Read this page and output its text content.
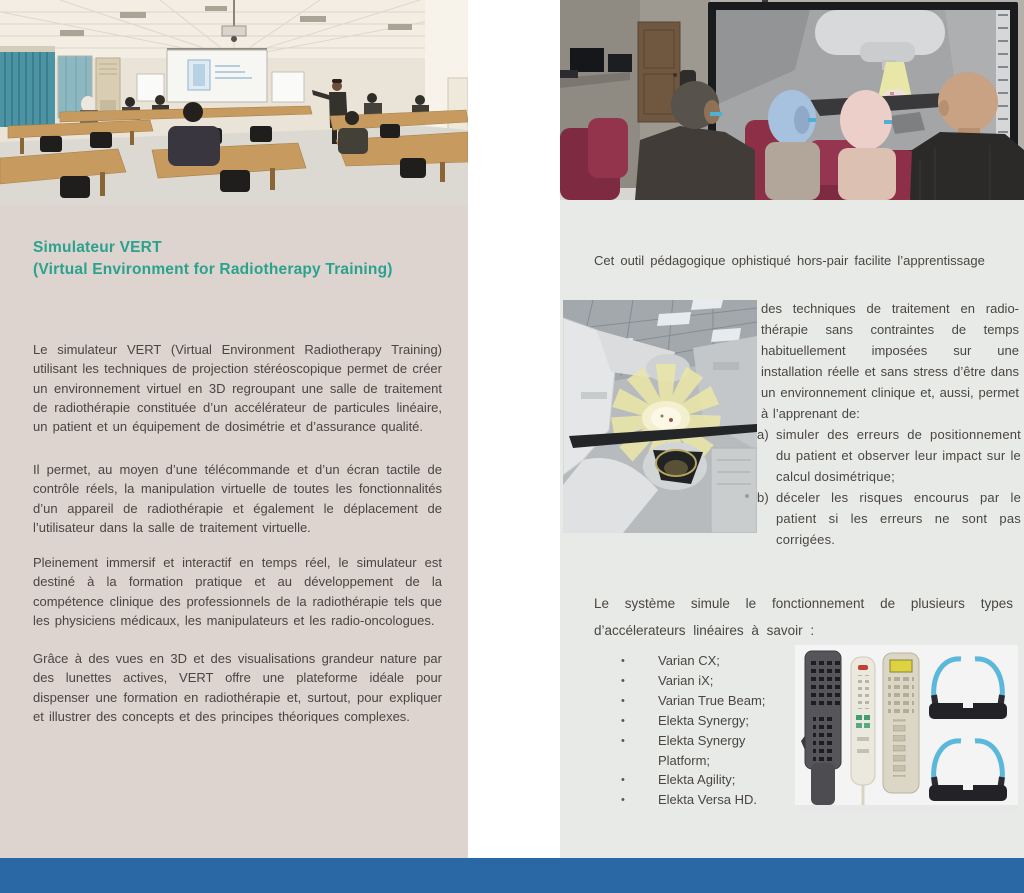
Simulateur VERT
(Virtual Environment for Radiotherapy Training)

Le simulateur VERT (Virtual Environment Radiotherapy Training) utilisant les techniques de projection stéréoscopique permet de créer un environnement virtuel en 3D regroupant une salle de traitement de radiothérapie constituée d’un accélérateur de particules linéaire, un patient et un équipement de dosimétrie et d’assurance qualité.

Il permet, au moyen d’une télécommande et d’un écran tactile de contrôle réels, la manipulation virtuelle de toutes les fonctionnalités d’un appareil de radiothérapie et également le déplacement de l’utilisateur dans la salle de traitement virtuelle.

Pleinement immersif et interactif en temps réel, le simulateur est destiné à la formation pratique et au développement de la compétence clinique des professionnels de la radiothérapie tels que les physiciens médicaux, les manipulateurs et les radio-oncologues.

Grâce à des vues en 3D et des visualisations grandeur nature par des lunettes actives, VERT offre une plateforme idéale pour dispenser une formation en radiothérapie et, surtout, pour expliquer et illustrer des concepts et des principes théoriques complexes.

Cet outil pédagogique ophistiqué hors-pair facilite l’apprentissage
des techniques de traitement en radio-thérapie sans contraintes de temps habituellement imposées sur une installation réelle et sans stress d’être dans un environnement clinique et, aussi, permet à l’apprenant de:
a) simuler des erreurs de positionnement du patient et observer leur impact sur le calcul dosimétrique;
b) déceler les risques encourus par le patient si les erreurs ne sont pas corrigées.
Le système simule le fonctionnement de plusieurs types d’accélerateurs linéaires à savoir :
•	Varian CX;
•	Varian iX;
•	Varian True Beam;
•	Elekta Synergy;
•	Elekta Synergy Platform;
•	Elekta Agility;
•	Elekta Versa HD.
